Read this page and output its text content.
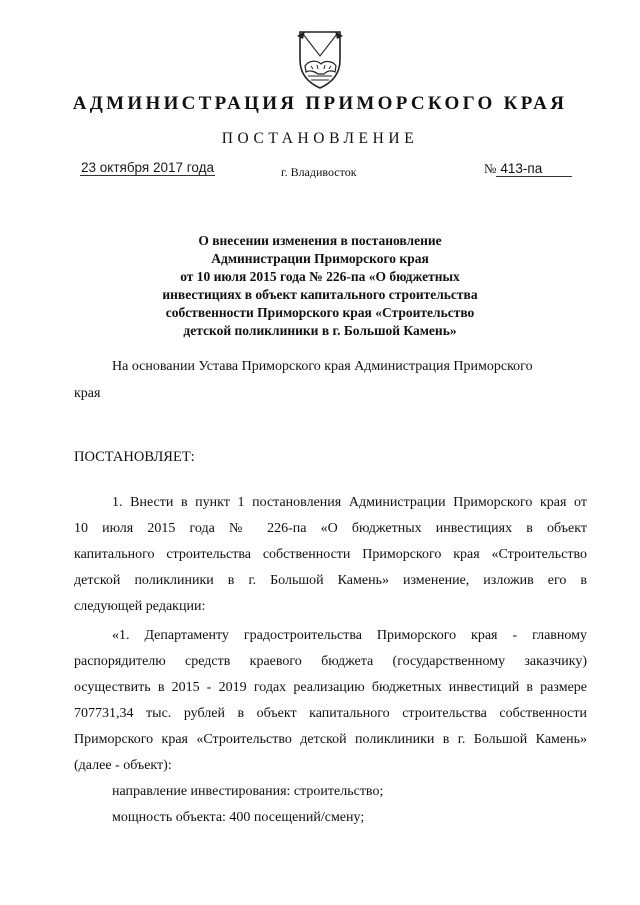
АДМИНИСТРАЦИЯ ПРИМОРСКОГО КРАЯ
ПОСТАНОВЛЕНИЕ
23 октября 2017 года	г. Владивосток	№ 413-па
О внесении изменения в постановление
Администрации Приморского края
от 10 июля 2015 года № 226-па «О бюджетных
инвестициях в объект капитального строительства
собственности Приморского края «Строительство
детской поликлиники в г. Большой Камень»
На основании Устава Приморского края Администрация Приморского
края
ПОСТАНОВЛЯЕТ:
1. Внести в пункт 1 постановления Администрации Приморского края от
10 июля 2015 года № 226-па «О бюджетных инвестициях в объект
капитального строительства собственности Приморского края «Строительство
детской поликлиники в г. Большой Камень» изменение, изложив его в
следующей редакции:
«1. Департаменту градостроительства Приморского края - главному
распорядителю средств краевого бюджета (государственному заказчику)
осуществить в 2015 - 2019 годах реализацию бюджетных инвестиций в размере
707731,34 тыс. рублей в объект капитального строительства собственности
Приморского края «Строительство детской поликлиники в г. Большой Камень»
(далее - объект):
направление инвестирования: строительство;
мощность объекта: 400 посещений/смену;
